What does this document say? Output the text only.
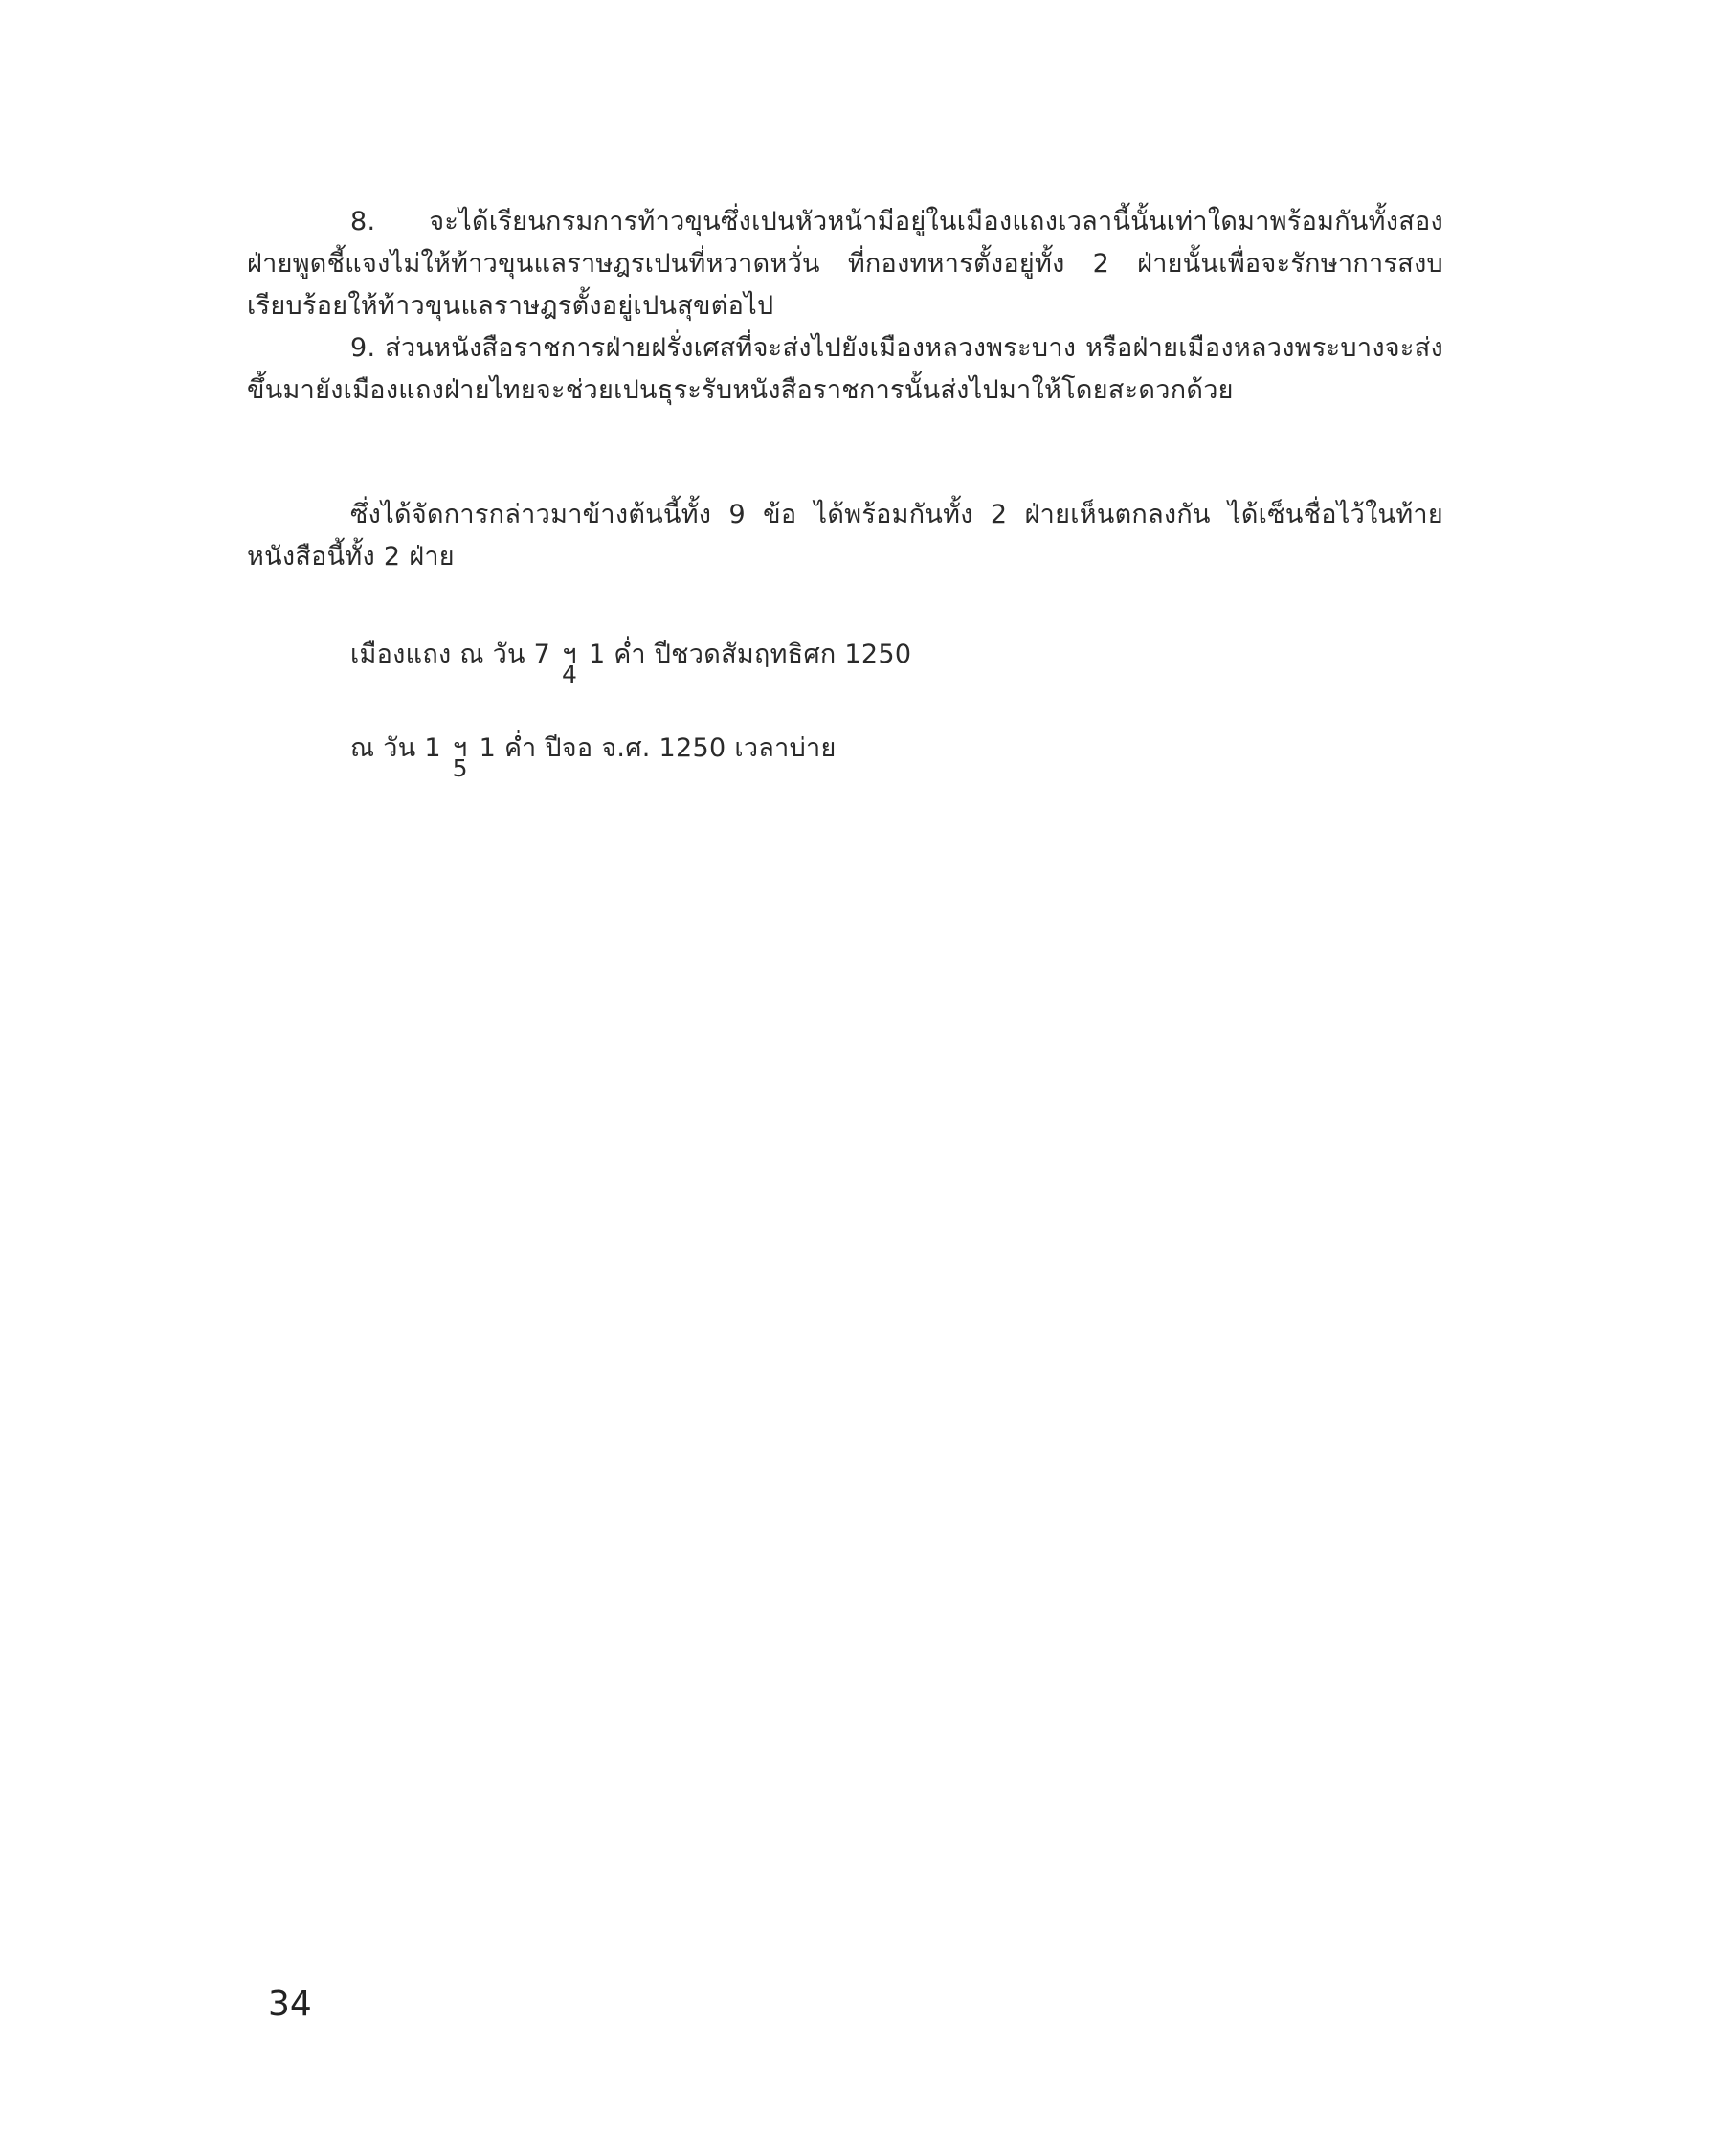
8. จะได้เรียนกรมการท้าวขุนซึ่งเปนหัวหน้ามีอยู่ในเมืองแถงเวลานี้นั้นเท่าใดมาพร้อมกันทั้งสองฝ่ายพูดชี้แจงไม่ให้ท้าวขุนแลราษฎรเปนที่หวาดหวั่น ที่กองทหารตั้งอยู่ทั้ง 2 ฝ่ายนั้นเพื่อจะรักษาการสงบเรียบร้อยให้ท้าวขุนแลราษฎรตั้งอยู่เปนสุขต่อไป

9. ส่วนหนังสือราชการฝ่ายฝรั่งเศสที่จะส่งไปยังเมืองหลวงพระบาง หรือฝ่ายเมืองหลวงพระบางจะส่งขึ้นมายังเมืองแถงฝ่ายไทยจะช่วยเปนธุระรับหนังสือราชการนั้นส่งไปมาให้โดยสะดวกด้วย

ซึ่งได้จัดการกล่าวมาข้างต้นนี้ทั้ง 9 ข้อ ได้พร้อมกันทั้ง 2 ฝ่ายเห็นตกลงกัน ได้เซ็นชื่อไว้ในท้ายหนังสือนี้ทั้ง 2 ฝ่าย

เมืองแถง ณ วัน 7 ฯ
4
1 ค่ำ ปีชวดสัมฤทธิศก 1250
ณ วัน 1 ฯ
5
1 ค่ำ ปีจอ จ.ศ. 1250 เวลาบ่าย
34
